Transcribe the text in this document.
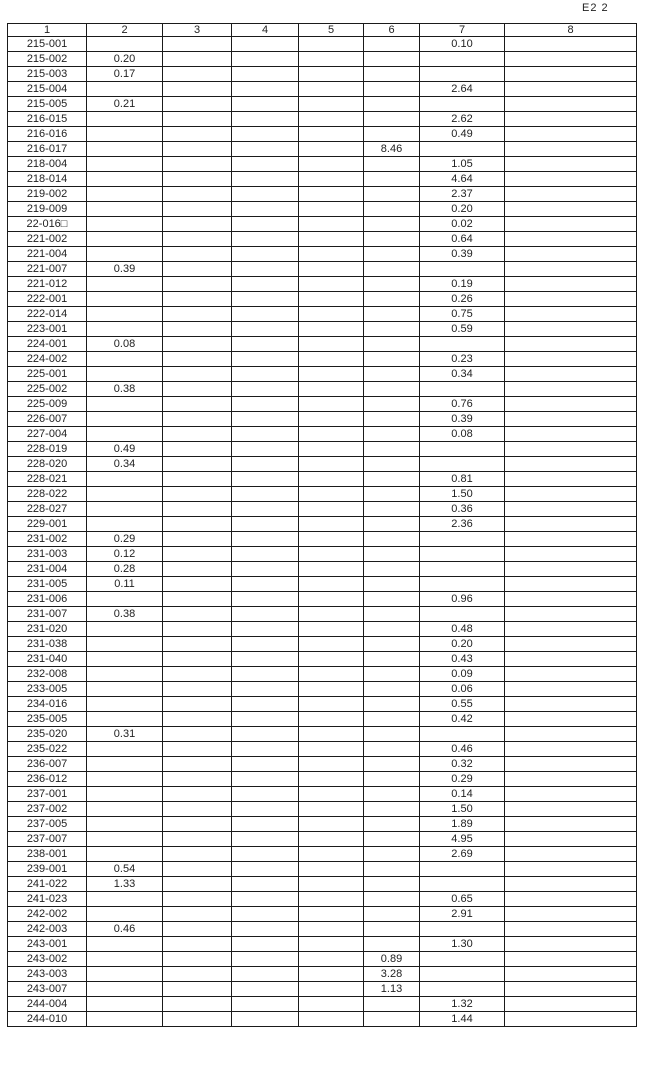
E2 2
1	2	3	4	5	6	7	8
215-001						0.10	
215-002	0.20						
215-003	0.17						
215-004						2.64	
215-005	0.21						
216-015						2.62	
216-016						0.49	
216-017					8.46		
218-004						1.05	
218-014						4.64	
219-002						2.37	
219-009						0.20	
22-016□						0.02	
221-002						0.64	
221-004						0.39	
221-007	0.39						
221-012						0.19	
222-001						0.26	
222-014						0.75	
223-001						0.59	
224-001	0.08						
224-002						0.23	
225-001						0.34	
225-002	0.38						
225-009						0.76	
226-007						0.39	
227-004						0.08	
228-019	0.49						
228-020	0.34						
228-021						0.81	
228-022						1.50	
228-027						0.36	
229-001						2.36	
231-002	0.29						
231-003	0.12						
231-004	0.28						
231-005	0.11						
231-006						0.96	
231-007	0.38						
231-020						0.48	
231-038						0.20	
231-040						0.43	
232-008						0.09	
233-005						0.06	
234-016						0.55	
235-005						0.42	
235-020	0.31						
235-022						0.46	
236-007						0.32	
236-012						0.29	
237-001						0.14	
237-002						1.50	
237-005						1.89	
237-007						4.95	
238-001						2.69	
239-001	0.54						
241-022	1.33						
241-023						0.65	
242-002						2.91	
242-003	0.46						
243-001						1.30	
243-002					0.89		
243-003					3.28		
243-007					1.13		
244-004						1.32	
244-010						1.44	
